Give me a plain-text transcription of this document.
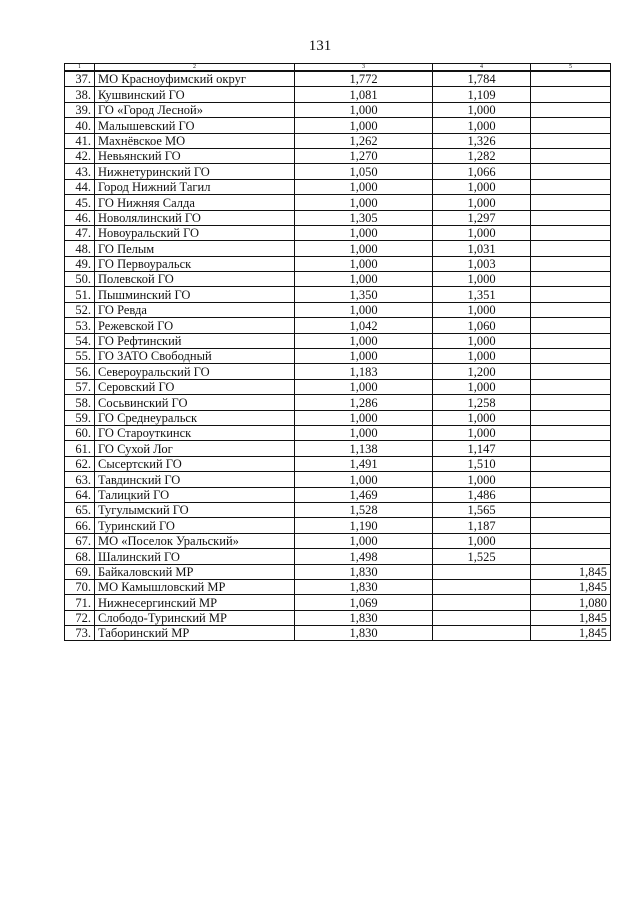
131
1	2	3	4	5
37.	МО Красноуфимский округ	1,772	1,784	
38.	Кушвинский ГО	1,081	1,109	
39.	ГО «Город Лесной»	1,000	1,000	
40.	Малышевский ГО	1,000	1,000	
41.	Махнёвское МО	1,262	1,326	
42.	Невьянский ГО	1,270	1,282	
43.	Нижнетуринский ГО	1,050	1,066	
44.	Город Нижний Тагил	1,000	1,000	
45.	ГО Нижняя Салда	1,000	1,000	
46.	Новолялинский ГО	1,305	1,297	
47.	Новоуральский ГО	1,000	1,000	
48.	ГО Пелым	1,000	1,031	
49.	ГО Первоуральск	1,000	1,003	
50.	Полевской ГО	1,000	1,000	
51.	Пышминский ГО	1,350	1,351	
52.	ГО Ревда	1,000	1,000	
53.	Режевской ГО	1,042	1,060	
54.	ГО Рефтинский	1,000	1,000	
55.	ГО ЗАТО Свободный	1,000	1,000	
56.	Североуральский ГО	1,183	1,200	
57.	Серовский ГО	1,000	1,000	
58.	Сосьвинский ГО	1,286	1,258	
59.	ГО Среднеуральск	1,000	1,000	
60.	ГО Староуткинск	1,000	1,000	
61.	ГО Сухой Лог	1,138	1,147	
62.	Сысертский ГО	1,491	1,510	
63.	Тавдинский ГО	1,000	1,000	
64.	Талицкий ГО	1,469	1,486	
65.	Тугулымский ГО	1,528	1,565	
66.	Туринский ГО	1,190	1,187	
67.	МО «Поселок Уральский»	1,000	1,000	
68.	Шалинский ГО	1,498	1,525	
69.	Байкаловский МР	1,830		1,845
70.	МО Камышловский МР	1,830		1,845
71.	Нижнесергинский МР	1,069		1,080
72.	Слободо-Туринский МР	1,830		1,845
73.	Таборинский МР	1,830		1,845
